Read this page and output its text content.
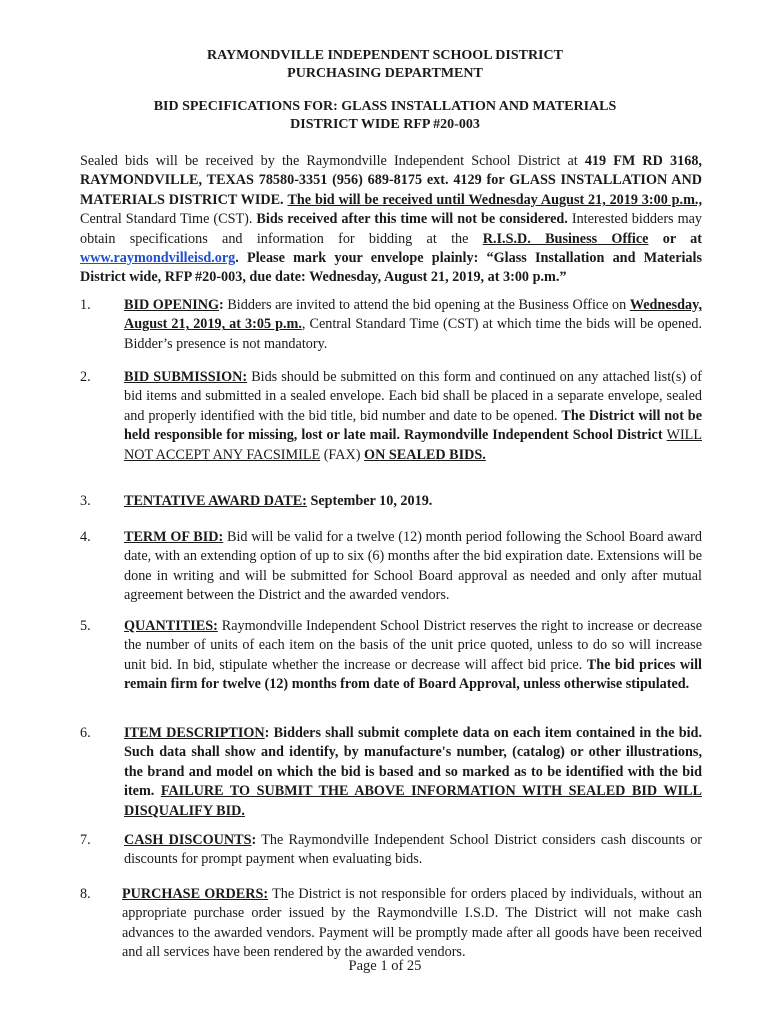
RAYMONDVILLE INDEPENDENT SCHOOL DISTRICT
PURCHASING DEPARTMENT
BID SPECIFICATIONS FOR: GLASS INSTALLATION AND MATERIALS
DISTRICT WIDE RFP #20-003
Sealed bids will be received by the Raymondville Independent School District at 419 FM RD 3168, RAYMONDVILLE, TEXAS 78580-3351 (956) 689-8175 ext. 4129 for GLASS INSTALLATION AND MATERIALS DISTRICT WIDE. The bid will be received until Wednesday August 21, 2019 3:00 p.m., Central Standard Time (CST). Bids received after this time will not be considered. Interested bidders may obtain specifications and information for bidding at the R.I.S.D. Business Office or at www.raymondvilleisd.org. Please mark your envelope plainly: “Glass Installation and Materials District wide, RFP #20-003, due date: Wednesday, August 21, 2019, at 3:00 p.m.”
1.	BID OPENING: Bidders are invited to attend the bid opening at the Business Office on Wednesday, August 21, 2019, at 3:05 p.m., Central Standard Time (CST) at which time the bids will be opened. Bidder’s presence is not mandatory.
2.	BID SUBMISSION: Bids should be submitted on this form and continued on any attached list(s) of bid items and submitted in a sealed envelope. Each bid shall be placed in a separate envelope, sealed and properly identified with the bid title, bid number and date to be opened. The District will not be held responsible for missing, lost or late mail. Raymondville Independent School District WILL NOT ACCEPT ANY FACSIMILE (FAX) ON SEALED BIDS.
3.	TENTATIVE AWARD DATE: September 10, 2019.
4.	TERM OF BID: Bid will be valid for a twelve (12) month period following the School Board award date, with an extending option of up to six (6) months after the bid expiration date. Extensions will be done in writing and will be submitted for School Board approval as needed and only after mutual agreement between the District and the awarded vendors.
5.	QUANTITIES: Raymondville Independent School District reserves the right to increase or decrease the number of units of each item on the basis of the unit price quoted, unless to do so will increase unit bid. In bid, stipulate whether the increase or decrease will affect bid price. The bid prices will remain firm for twelve (12) months from date of Board Approval, unless otherwise stipulated.
6.	ITEM DESCRIPTION: Bidders shall submit complete data on each item contained in the bid. Such data shall show and identify, by manufacture's number, (catalog) or other illustrations, the brand and model on which the bid is based and so marked as to be identified with the bid item. FAILURE TO SUBMIT THE ABOVE INFORMATION WITH SEALED BID WILL DISQUALIFY BID.
7.	CASH DISCOUNTS: The Raymondville Independent School District considers cash discounts or discounts for prompt payment when evaluating bids.
8.	PURCHASE ORDERS: The District is not responsible for orders placed by individuals, without an appropriate purchase order issued by the Raymondville I.S.D. The District will not make cash advances to the awarded vendors. Payment will be promptly made after all goods have been received and all services have been rendered by the awarded vendors.
Page 1 of 25
